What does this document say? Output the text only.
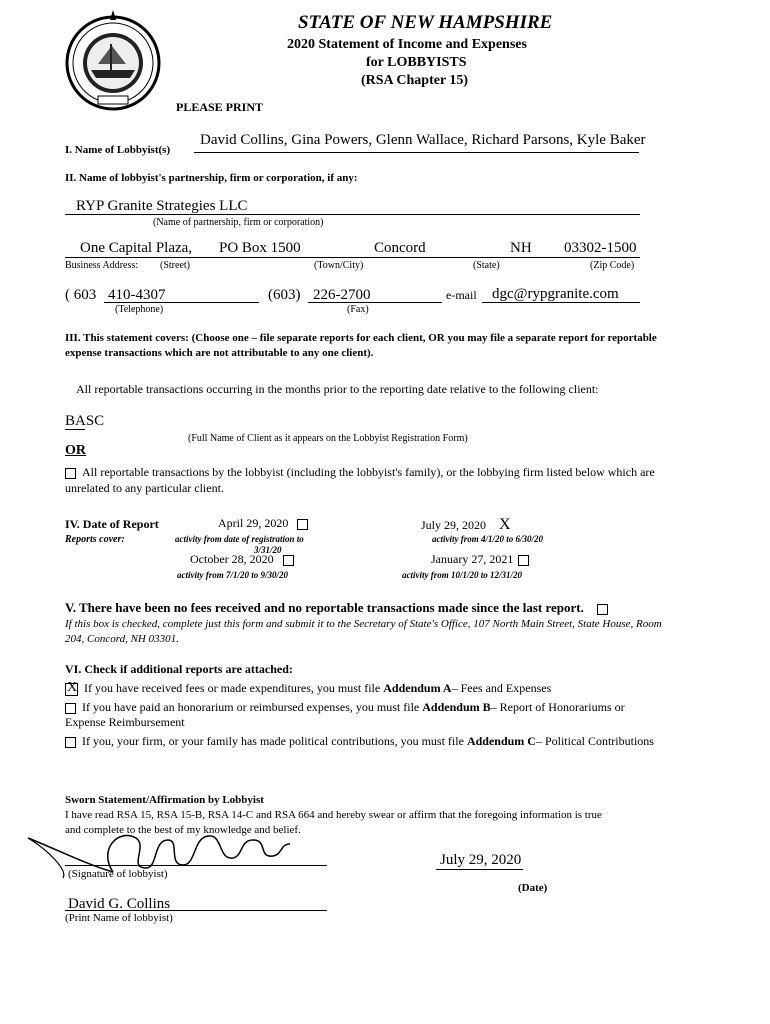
STATE OF NEW HAMPSHIRE
2020 Statement of Income and Expenses
for LOBBYISTS
(RSA Chapter 15)
PLEASE PRINT
I. Name of Lobbyist(s)
David Collins, Gina Powers, Glenn Wallace, Richard Parsons, Kyle Baker
II. Name of lobbyist's partnership, firm or corporation, if any:
RYP Granite Strategies LLC
(Name of partnership, firm or corporation)
One Capital Plaza, PO Box 1500	Concord	NH 03302-1500
Business Address: (Street)	(Town/City)	(State)	(Zip Code)
( 603 410-4307	(603) 226-2700	e-mail dgc@rypgranite.com
(Telephone)	(Fax)
III. This statement covers: (Choose one – file separate reports for each client, OR you may file a separate report for reportable expense transactions which are not attributable to any one client).
All reportable transactions occurring in the months prior to the reporting date relative to the following client:
BASC
(Full Name of Client as it appears on the Lobbyist Registration Form)
OR
All reportable transactions by the lobbyist (including the lobbyist's family), or the lobbying firm listed below which are unrelated to any particular client.
IV. Date of Report
Reports cover:
April 29, 2020
activity from date of registration to
3/31/20
July 29, 2020 X
activity from 4/1/20 to 6/30/20
October 28, 2020
activity from 7/1/20 to 9/30/20
January 27, 2021
activity from 10/1/20 to 12/31/20
V. There have been no fees received and no reportable transactions made since the last report.
If this box is checked, complete just this form and submit it to the Secretary of State's Office, 107 North Main Street, State House, Room 204, Concord, NH 03301.
VI. Check if additional reports are attached:
X If you have received fees or made expenditures, you must file Addendum A– Fees and Expenses
If you have paid an honorarium or reimbursed expenses, you must file Addendum B– Report of Honorariums or
Expense Reimbursement
If you, your firm, or your family has made political contributions, you must file Addendum C– Political Contributions
Sworn Statement/Affirmation by Lobbyist
I have read RSA 15, RSA 15-B, RSA 14-C and RSA 664 and hereby swear or affirm that the foregoing information is true
and complete to the best of my knowledge and belief.
(Signature of lobbyist)
July 29, 2020
(Date)
David G. Collins
(Print Name of lobbyist)
